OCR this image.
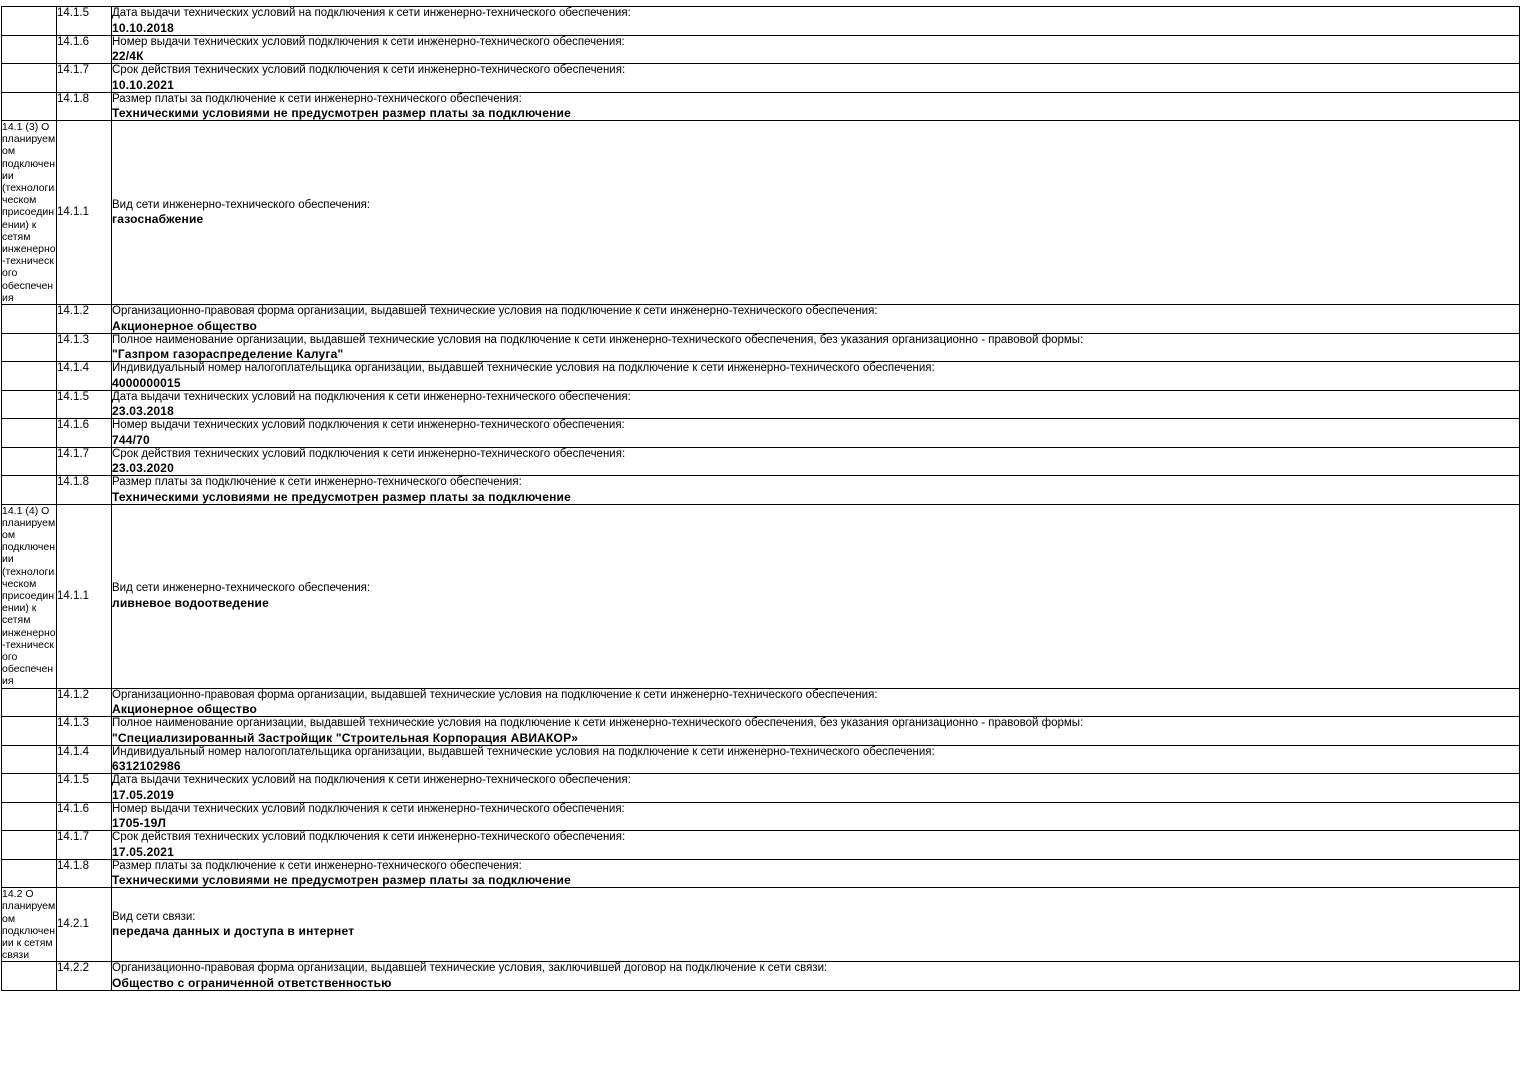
	14.1.5	Дата выдачи технических условий на подключения к сети инженерно-технического обеспечения:
10.10.2018

	14.1.6	Номер выдачи технических условий подключения к сети инженерно-технического обеспечения:
22/4К

	14.1.7	Срок действия технических условий подключения к сети инженерно-технического обеспечения:
10.10.2021

	14.1.8	Размер платы за подключение к сети инженерно-технического обеспечения:
Техническими условиями не предусмотрен размер платы за подключение

14.1 (3) О планируемом подключении (технологическом присоединении) к сетям инженерно-технического обеспечения	14.1.1	Вид сети инженерно-технического обеспечения:
газоснабжение

	14.1.2	Организационно-правовая форма организации, выдавшей технические условия на подключение к сети инженерно-технического обеспечения:
Акционерное общество

	14.1.3	Полное наименование организации, выдавшей технические условия на подключение к сети инженерно-технического обеспечения, без указания организационно - правовой формы:
"Газпром газораспределение Калуга"

	14.1.4	Индивидуальный номер налогоплательщика организации, выдавшей технические условия на подключение к сети инженерно-технического обеспечения:
4000000015

	14.1.5	Дата выдачи технических условий на подключения к сети инженерно-технического обеспечения:
23.03.2018

	14.1.6	Номер выдачи технических условий подключения к сети инженерно-технического обеспечения:
744/70

	14.1.7	Срок действия технических условий подключения к сети инженерно-технического обеспечения:
23.03.2020

	14.1.8	Размер платы за подключение к сети инженерно-технического обеспечения:
Техническими условиями не предусмотрен размер платы за подключение

14.1 (4) О планируемом подключении (технологическом присоединении) к сетям инженерно-технического обеспечения	14.1.1	Вид сети инженерно-технического обеспечения:
ливневое водоотведение

	14.1.2	Организационно-правовая форма организации, выдавшей технические условия на подключение к сети инженерно-технического обеспечения:
Акционерное общество

	14.1.3	Полное наименование организации, выдавшей технические условия на подключение к сети инженерно-технического обеспечения, без указания организационно - правовой формы:
"Специализированный Застройщик "Строительная Корпорация АВИАКОР»

	14.1.4	Индивидуальный номер налогоплательщика организации, выдавшей технические условия на подключение к сети инженерно-технического обеспечения:
6312102986

	14.1.5	Дата выдачи технических условий на подключения к сети инженерно-технического обеспечения:
17.05.2019

	14.1.6	Номер выдачи технических условий подключения к сети инженерно-технического обеспечения:
1705-19Л

	14.1.7	Срок действия технических условий подключения к сети инженерно-технического обеспечения:
17.05.2021

	14.1.8	Размер платы за подключение к сети инженерно-технического обеспечения:
Техническими условиями не предусмотрен размер платы за подключение

14.2 О планируемом подключении к сетям связи	14.2.1	Вид сети связи:
передача данных и доступа в интернет

	14.2.2	Организационно-правовая форма организации, выдавшей технические условия, заключившей договор на подключение к сети связи:
Общество с ограниченной ответственностью
